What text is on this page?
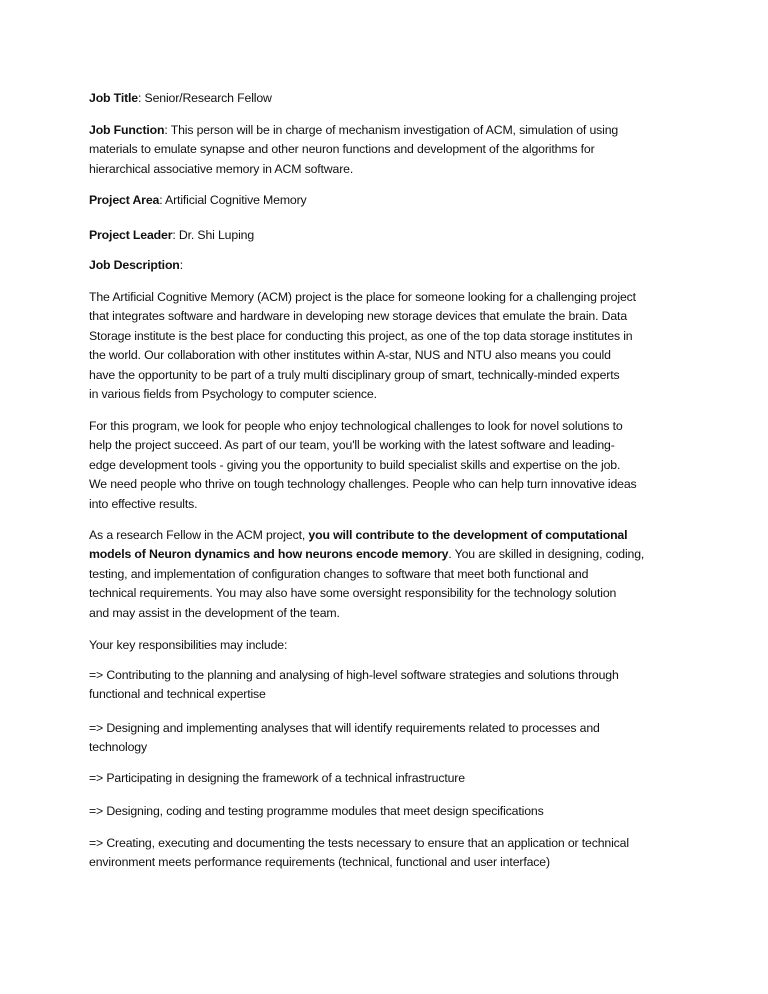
Job Title: Senior/Research Fellow
Job Function: This person will be in charge of mechanism investigation of ACM, simulation of using
materials to emulate synapse and other neuron functions and development of the algorithms for
hierarchical associative memory in ACM software.
Project Area: Artificial Cognitive Memory
Project Leader: Dr. Shi Luping
Job Description:
The Artificial Cognitive Memory (ACM) project is the place for someone looking for a challenging project
that integrates software and hardware in developing new storage devices that emulate the brain. Data
Storage institute is the best place for conducting this project, as one of the top data storage institutes in
the world. Our collaboration with other institutes within A-star, NUS and NTU also means you could
have the opportunity to be part of a truly multi disciplinary group of smart, technically-minded experts
in various fields from Psychology to computer science.
For this program, we look for people who enjoy technological challenges to look for novel solutions to
help the project succeed. As part of our team, you'll be working with the latest software and leading-
edge development tools - giving you the opportunity to build specialist skills and expertise on the job.
We need people who thrive on tough technology challenges. People who can help turn innovative ideas
into effective results.
As a research Fellow in the ACM project, you will contribute to the development of computational
models of Neuron dynamics and how neurons encode memory. You are skilled in designing, coding,
testing, and implementation of configuration changes to software that meet both functional and
technical requirements. You may also have some oversight responsibility for the technology solution
and may assist in the development of the team.
Your key responsibilities may include:
=> Contributing to the planning and analysing of high-level software strategies and solutions through
functional and technical expertise
=> Designing and implementing analyses that will identify requirements related to processes and
technology
=> Participating in designing the framework of a technical infrastructure
=> Designing, coding and testing programme modules that meet design specifications
=> Creating, executing and documenting the tests necessary to ensure that an application or technical
environment meets performance requirements (technical, functional and user interface)
